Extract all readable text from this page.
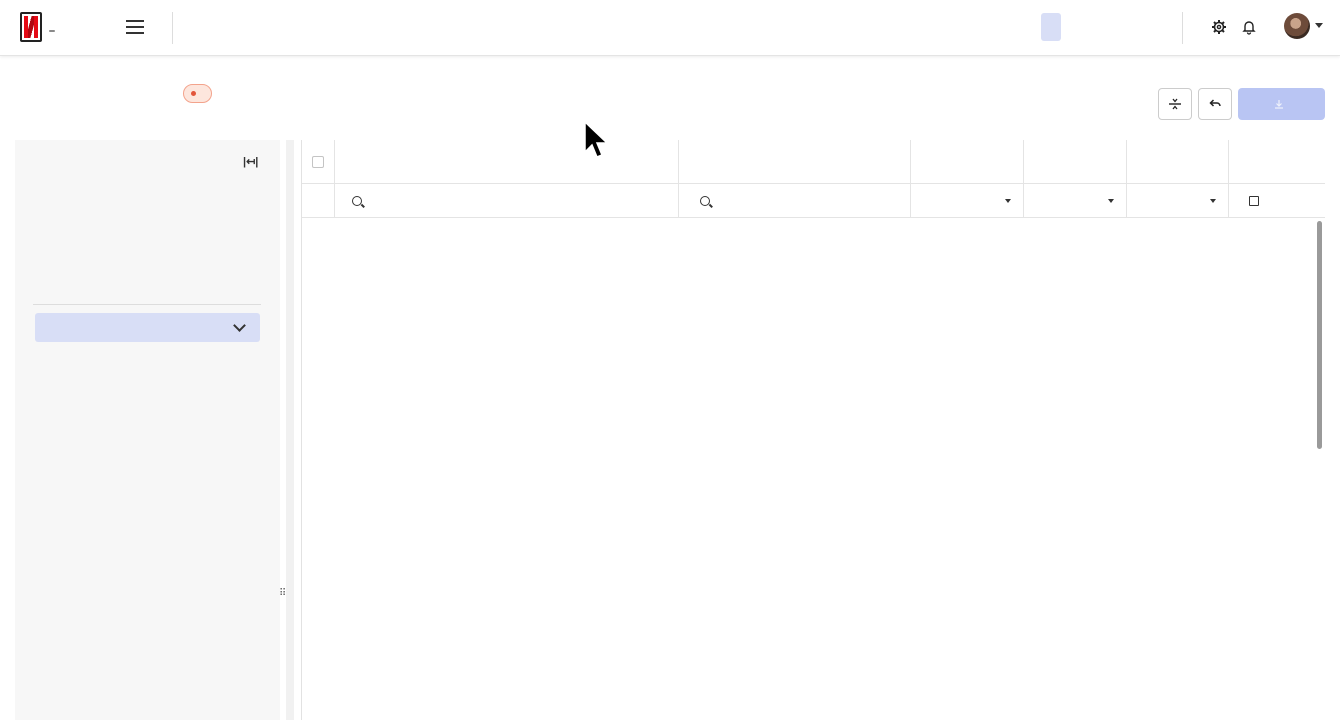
|↤|
⠿
